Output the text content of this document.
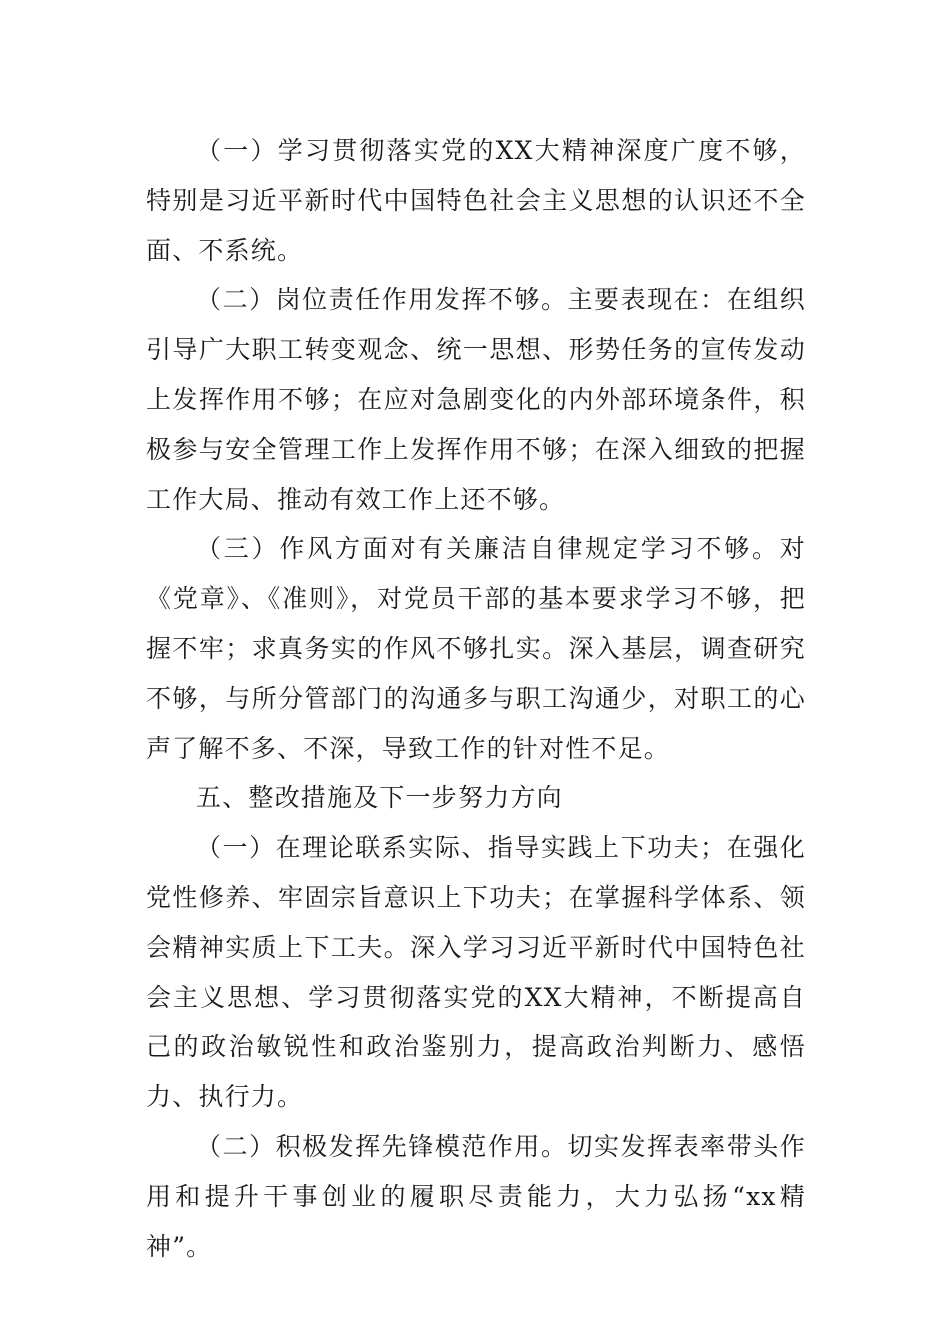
（一）学习贯彻落实党的XX大精神深度广度不够，特别是习近平新时代中国特色社会主义思想的认识还不全面、不系统。

（二）岗位责任作用发挥不够。主要表现在：在组织引导广大职工转变观念、统一思想、形势任务的宣传发动上发挥作用不够；在应对急剧变化的内外部环境条件，积极参与安全管理工作上发挥作用不够；在深入细致的把握工作大局、推动有效工作上还不够。

（三）作风方面对有关廉洁自律规定学习不够。对《党章》、《准则》，对党员干部的基本要求学习不够，把握不牢；求真务实的作风不够扎实。深入基层，调查研究不够，与所分管部门的沟通多与职工沟通少，对职工的心声了解不多、不深，导致工作的针对性不足。

五、整改措施及下一步努力方向

（一）在理论联系实际、指导实践上下功夫；在强化党性修养、牢固宗旨意识上下功夫；在掌握科学体系、领会精神实质上下工夫。深入学习习近平新时代中国特色社会主义思想、学习贯彻落实党的XX大精神，不断提高自己的政治敏锐性和政治鉴别力，提高政治判断力、感悟力、执行力。

（二）积极发挥先锋模范作用。切实发挥表率带头作用和提升干事创业的履职尽责能力，大力弘扬“xx精神”。
